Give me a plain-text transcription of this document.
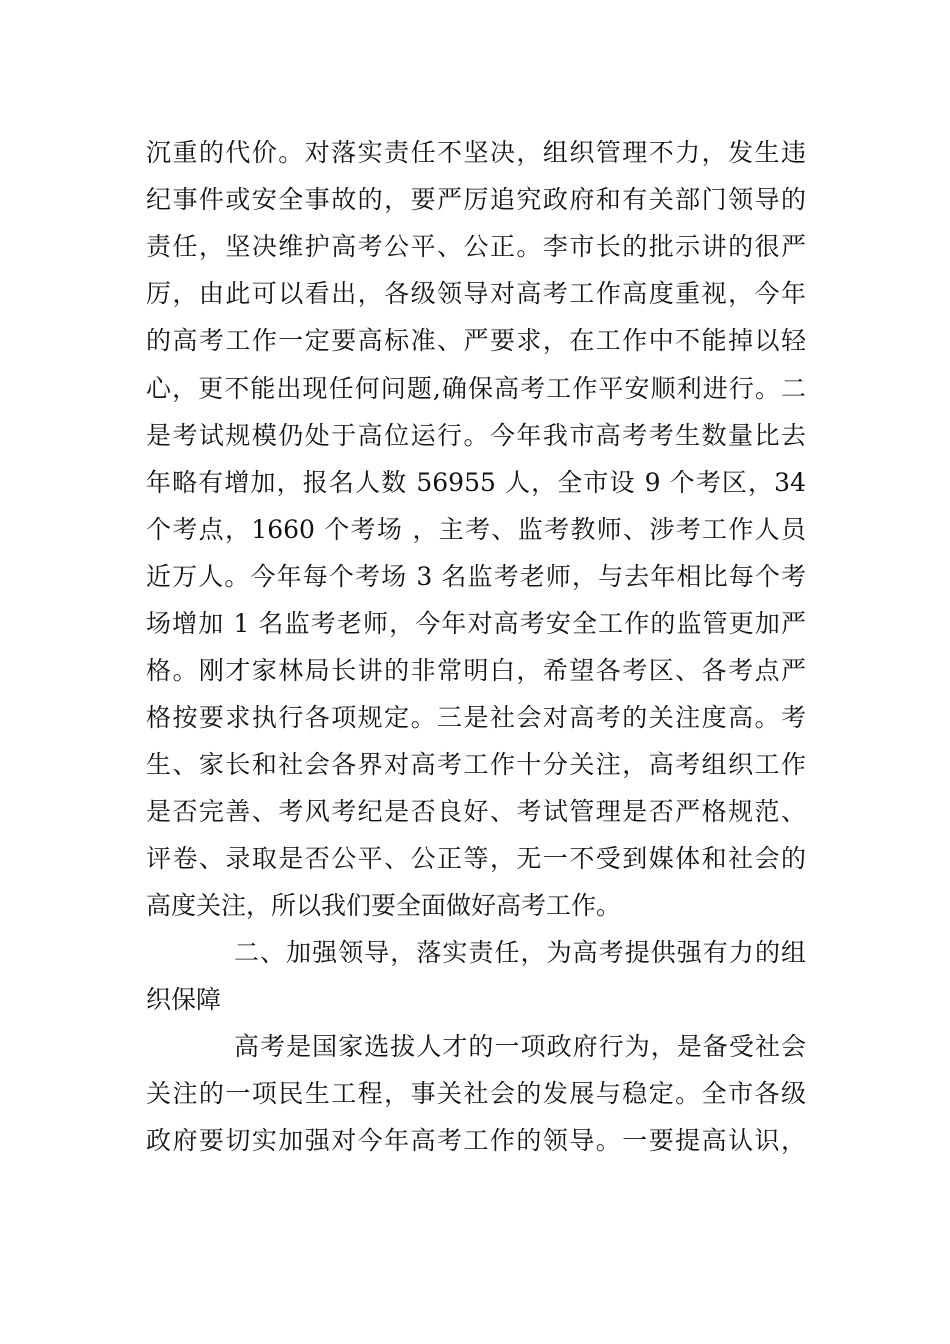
沉重的代价。对落实责任不坚决，组织管理不力，发生违
纪事件或安全事故的，要严厉追究政府和有关部门领导的
责任，坚决维护高考公平、公正。李市长的批示讲的很严
厉，由此可以看出，各级领导对高考工作高度重视，今年
的高考工作一定要高标准、严要求，在工作中不能掉以轻
心，更不能出现任何问题,确保高考工作平安顺利进行。二
是考试规模仍处于高位运行。今年我市高考考生数量比去
年略有增加，报名人数 56955 人，全市设 9 个考区，34
个考点，1660 个考场 ，主考、监考教师、涉考工作人员
近万人。今年每个考场 3 名监考老师，与去年相比每个考
场增加 1 名监考老师，今年对高考安全工作的监管更加严
格。刚才家林局长讲的非常明白，希望各考区、各考点严
格按要求执行各项规定。三是社会对高考的关注度高。考
生、家长和社会各界对高考工作十分关注，高考组织工作
是否完善、考风考纪是否良好、考试管理是否严格规范、
评卷、录取是否公平、公正等，无一不受到媒体和社会的
高度关注，所以我们要全面做好高考工作。
二、加强领导，落实责任，为高考提供强有力的组
织保障
高考是国家选拔人才的一项政府行为，是备受社会
关注的一项民生工程，事关社会的发展与稳定。全市各级
政府要切实加强对今年高考工作的领导。一要提高认识，
